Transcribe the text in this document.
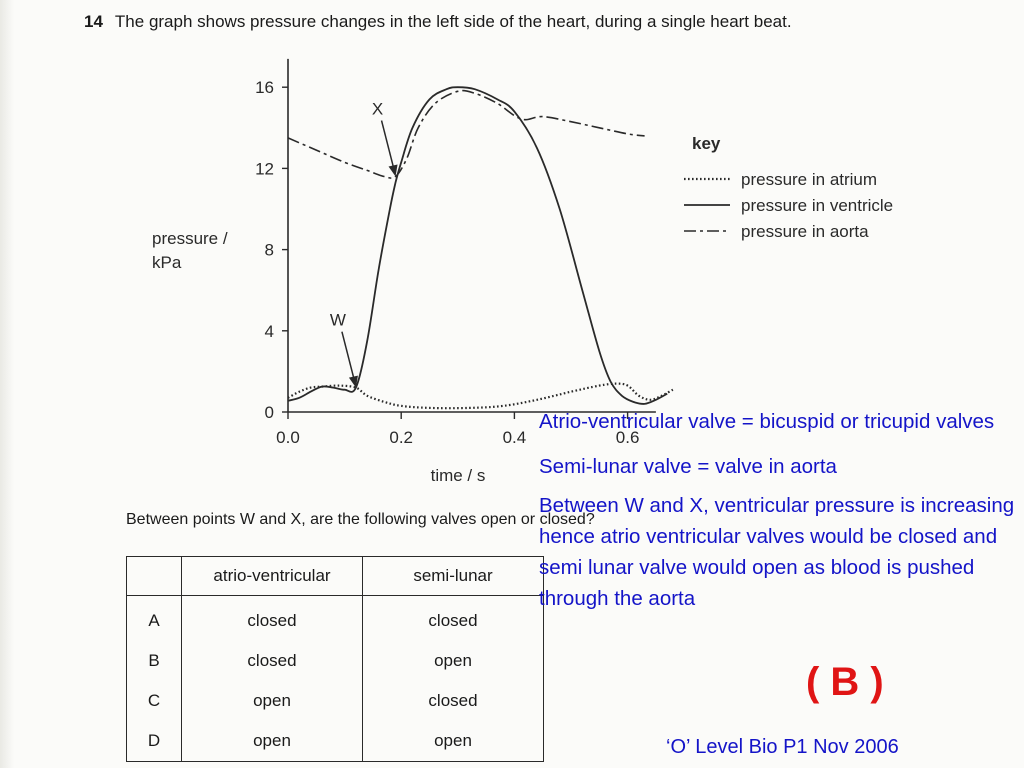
14 The graph shows pressure changes in the left side of the heart, during a single heart beat.
0
4
8
12
16
0.0	0.2	0.4	0.6
pressure /
kPa
time / s
W
X
key
pressure in atrium
pressure in ventricle
pressure in aorta
Between points W and X, are the following valves open or closed?
	atrio-ventricular	semi-lunar
A	closed	closed
B	closed	open
C	open	closed
D	open	open

Atrio-ventricular valve = bicuspid or tricupid valves

Semi-lunar valve = valve in aorta

Between W and X, ventricular pressure is increasing hence atrio ventricular valves would be closed and semi lunar valve would open as blood is pushed through the aorta

( B )
‘O’ Level Bio P1 Nov 2006
